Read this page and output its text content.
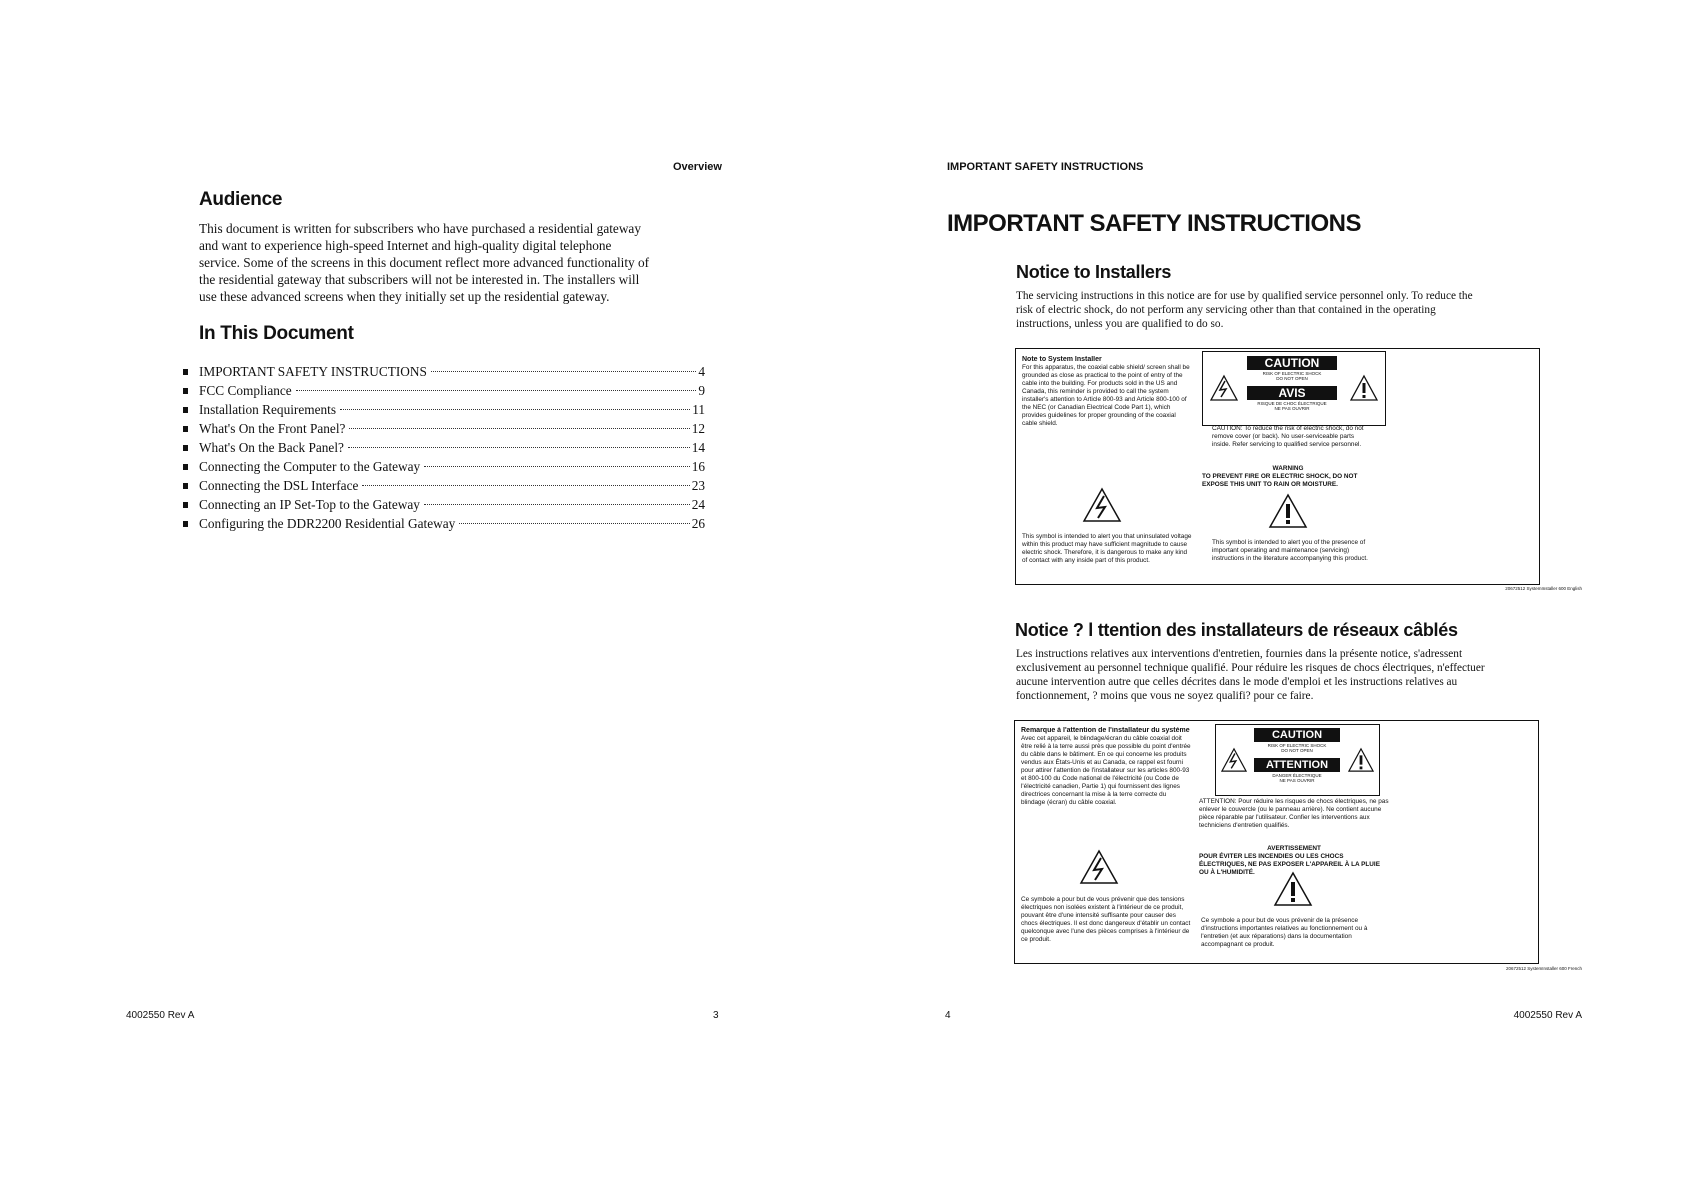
Overview
Audience
This document is written for subscribers who have purchased a residential gateway
and want to experience high-speed Internet and high-quality digital telephone
service. Some of the screens in this document reflect more advanced functionality of
the residential gateway that subscribers will not be interested in. The installers will
use these advanced screens when they initially set up the residential gateway.
In This Document
IMPORTANT SAFETY INSTRUCTIONS	4
FCC Compliance	9
Installation Requirements	11
What's On the Front Panel?	12
What's On the Back Panel?	14
Connecting the Computer to the Gateway	16
Connecting the DSL Interface	23
Connecting an IP Set-Top to the Gateway	24
Configuring the DDR2200 Residential Gateway	26
4002550 Rev A	3
IMPORTANT SAFETY INSTRUCTIONS
IMPORTANT SAFETY INSTRUCTIONS
Notice to Installers
The servicing instructions in this notice are for use by qualified service personnel only. To reduce the
risk of electric shock, do not perform any servicing other than that contained in the operating
instructions, unless you are qualified to do so.
Note to System Installer
For this apparatus, the coaxial cable shield/ screen shall be grounded as close as practical to the point of entry of the cable into the building. For products sold in the US and Canada, this reminder is provided to call the system installer's attention to Article 800-93 and Article 800-100 of the NEC (or Canadian Electrical Code Part 1), which provides guidelines for proper grounding of the coaxial cable shield.
This symbol is intended to alert you that uninsulated voltage within this product may have sufficient magnitude to cause electric shock. Therefore, it is dangerous to make any kind of contact with any inside part of this product.
CAUTION
RISK OF ELECTRIC SHOCK
DO NOT OPEN
AVIS
RISQUE DE CHOC ÉLECTRIQUE
NE PAS OUVRIR
CAUTION: To reduce the risk of electric shock, do not remove cover (or back). No user-serviceable parts inside. Refer servicing to qualified service personnel.
WARNING
TO PREVENT FIRE OR ELECTRIC SHOCK, DO NOT EXPOSE THIS UNIT TO RAIN OR MOISTURE.
This symbol is intended to alert you of the presence of important operating and maintenance (servicing) instructions in the literature accompanying this product.
20672512 SystemInstaller 600 English
Notice ? l ttention des installateurs de réseaux câblés
Les instructions relatives aux interventions d'entretien, fournies dans la présente notice, s'adressent
exclusivement au personnel technique qualifié. Pour réduire les risques de chocs électriques, n'effectuer
aucune intervention autre que celles décrites dans le mode d'emploi et les instructions relatives au
fonctionnement, ? moins que vous ne soyez qualifi? pour ce faire.
Remarque à l'attention de l'installateur du système
Avec cet appareil, le blindage/écran du câble coaxial doit être relié à la terre aussi près que possible du point d'entrée du câble dans le bâtiment. En ce qui concerne les produits vendus aux États-Unis et au Canada, ce rappel est fourni pour attirer l'attention de l'installateur sur les articles 800-93 et 800-100 du Code national de l'électricité (ou Code de l'électricité canadien, Partie 1) qui fournissent des lignes directrices concernant la mise à la terre correcte du blindage (écran) du câble coaxial.
Ce symbole a pour but de vous prévenir que des tensions électriques non isolées existent à l'intérieur de ce produit, pouvant être d'une intensité suffisante pour causer des chocs électriques. Il est donc dangereux d'établir un contact quelconque avec l'une des pièces comprises à l'intérieur de ce produit.
CAUTION
RISK OF ELECTRIC SHOCK
DO NOT OPEN
ATTENTION
DANGER ÉLECTRIQUE
NE PAS OUVRIR
ATTENTION: Pour réduire les risques de chocs électriques, ne pas enlever le couvercle (ou le panneau arrière). Ne contient aucune pièce réparable par l'utilisateur. Confier les interventions aux techniciens d'entretien qualifiés.
AVERTISSEMENT
POUR ÉVITER LES INCENDIES OU LES CHOCS ÉLECTRIQUES, NE PAS EXPOSER L'APPAREIL À LA PLUIE OU À L'HUMIDITÉ.
Ce symbole a pour but de vous prévenir de la présence d'instructions importantes relatives au fonctionnement ou à l'entretien (et aux réparations) dans la documentation accompagnant ce produit.
20672512 SystemInstaller 600 French
4	4002550 Rev A
